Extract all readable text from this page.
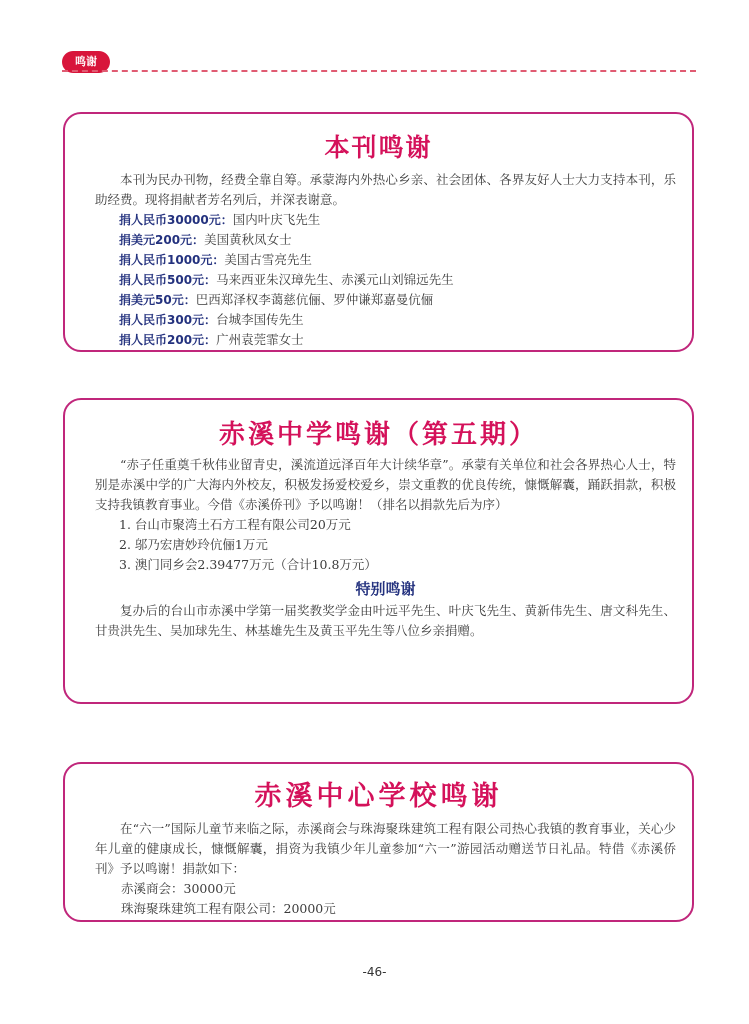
鸣谢
本刊鸣谢

本刊为民办刊物，经费全靠自筹。承蒙海内外热心乡亲、社会团体、各界友好人士大力支持本刊，乐助经费。现将捐献者芳名列后，并深表谢意。

捐人民币30000元：国内叶庆飞先生
捐美元200元：美国黄秋凤女士
捐人民币1000元：美国古雪亮先生
捐人民币500元：马来西亚朱汉璋先生、赤溪元山刘锦远先生
捐美元50元：巴西郑泽权李蔼慈伉俪、罗仲谦郑嘉曼伉俪
捐人民币300元：台城李国传先生
捐人民币200元：广州袁莞霏女士
赤溪中学鸣谢（第五期）

“赤子任重奠千秋伟业留青史，溪流道远泽百年大计续华章”。承蒙有关单位和社会各界热心人士，特别是赤溪中学的广大海内外校友，积极发扬爱校爱乡，崇文重教的优良传统，慷慨解囊，踊跃捐款，积极支持我镇教育事业。今借《赤溪侨刊》予以鸣谢！（排名以捐款先后为序）

1. 台山市聚湾土石方工程有限公司20万元
2. 邬乃宏唐妙玲伉俪1万元
3. 澳门同乡会2.39477万元（合计10.8万元）
特别鸣谢

复办后的台山市赤溪中学第一届奖教奖学金由叶远平先生、叶庆飞先生、黄新伟先生、唐文科先生、甘贵洪先生、吴加球先生、林基雄先生及黄玉平先生等八位乡亲捐赠。

赤溪中心学校鸣谢

在“六一”国际儿童节来临之际，赤溪商会与珠海聚珠建筑工程有限公司热心我镇的教育事业，关心少年儿童的健康成长，慷慨解囊，捐资为我镇少年儿童参加“六一”游园活动赠送节日礼品。特借《赤溪侨刊》予以鸣谢！捐款如下：

赤溪商会：30000元
珠海聚珠建筑工程有限公司：20000元
-46-
